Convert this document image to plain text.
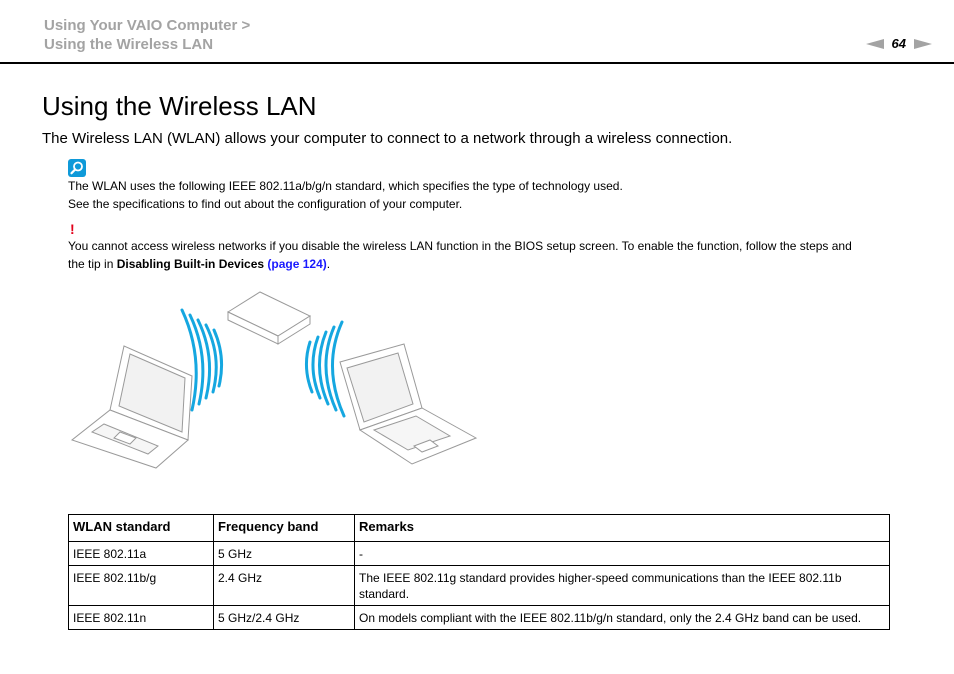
Using Your VAIO Computer >
Using the Wireless LAN	64
Using the Wireless LAN

The Wireless LAN (WLAN) allows your computer to connect to a network through a wireless connection.

The WLAN uses the following IEEE 802.11a/b/g/n standard, which specifies the type of technology used.

See the specifications to find out about the configuration of your computer.

!

You cannot access wireless networks if you disable the wireless LAN function in the BIOS setup screen. To enable the function, follow the steps and

the tip in Disabling Built-in Devices (page 124).

WLAN standard	Frequency band	Remarks
IEEE 802.11a	5 GHz	-
IEEE 802.11b/g	2.4 GHz	The IEEE 802.11g standard provides higher-speed communications than the IEEE 802.11b standard.
IEEE 802.11n	5 GHz/2.4 GHz	On models compliant with the IEEE 802.11b/g/n standard, only the 2.4 GHz band can be used.
